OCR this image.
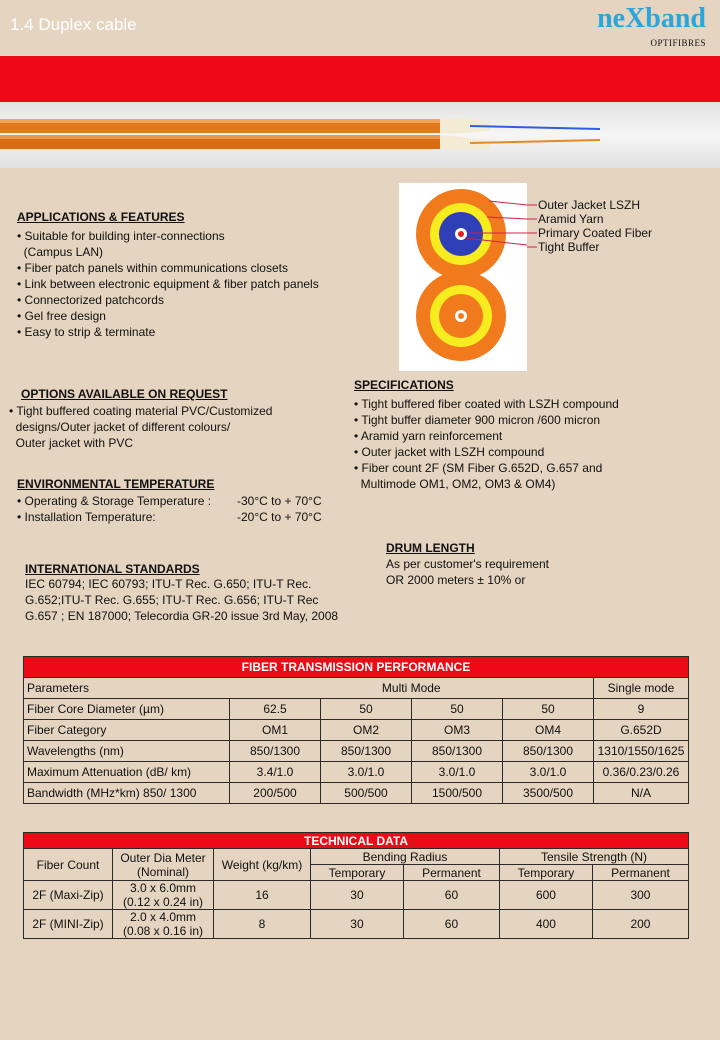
neXband
OPTIFIBRES
1.4 Duplex cable
Outer Jacket LSZH
Aramid Yarn
Primary Coated Fiber
Tight Buffer
APPLICATIONS & FEATURES
• Suitable for building inter-connections
(Campus LAN)
• Fiber patch panels within communications closets
• Link between electronic equipment & fiber patch panels
• Connectorized patchcords
• Gel free design
• Easy to strip & terminate
OPTIONS AVAILABLE ON REQUEST
• Tight buffered coating material PVC/Customized
designs/Outer jacket of different colours/
Outer jacket with PVC
SPECIFICATIONS
• Tight buffered fiber coated with LSZH compound
• Tight buffer diameter 900 micron /600 micron
• Aramid yarn reinforcement
• Outer jacket with LSZH compound
• Fiber count 2F (SM Fiber G.652D, G.657 and
Multimode OM1, OM2, OM3 & OM4)
ENVIRONMENTAL TEMPERATURE
• Operating & Storage Temperature : -30°C to + 70°C
• Installation Temperature:	-20°C to + 70°C
INTERNATIONAL STANDARDS
IEC 60794; IEC 60793; ITU-T Rec. G.650; ITU-T Rec.
G.652;ITU-T Rec. G.655; ITU-T Rec. G.656; ITU-T Rec
G.657 ; EN 187000; Telecordia GR-20 issue 3rd May, 2008
DRUM LENGTH
As per customer's requirement
OR 2000 meters ± 10% or
FIBER TRANSMISSION PERFORMANCE					
Parameters	Multi Mode				Single mode
Fiber Core Diameter (µm)	62.5	50	50	50	9
Fiber Category	OM1	OM2	OM3	OM4	G.652D
Wavelengths (nm)	850/1300	850/1300	850/1300	850/1300	1310/1550/1625
Maximum Attenuation (dB/ km)	3.4/1.0	3.0/1.0	3.0/1.0	3.0/1.0	0.36/0.23/0.26
Bandwidth (MHz*km) 850/ 1300	200/500	500/500	1500/500	3500/500	N/A
TECHNICAL DATA						
Fiber Count	Outer Dia Meter
(Nominal)	Weight (kg/km)	Bending Radius		Tensile Strength (N)	
			Temporary	Permanent	Temporary	Permanent
2F (Maxi-Zip)	3.0 x 6.0mm
(0.12 x 0.24 in)	16	30	60	600	300
2F (MINI-Zip)	2.0 x 4.0mm
(0.08 x 0.16 in)	8	30	60	400	200
